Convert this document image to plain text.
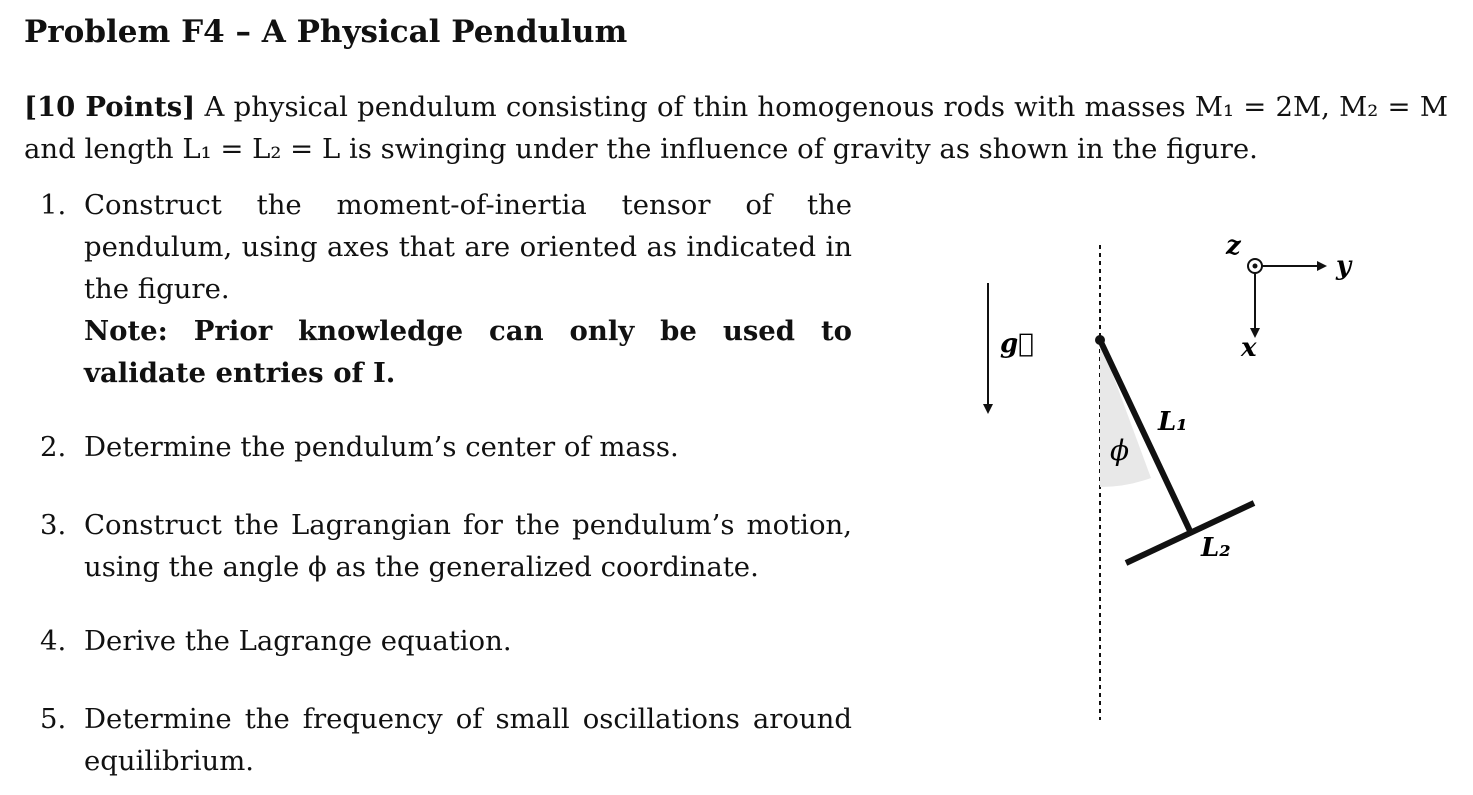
Problem F4 – A Physical Pendulum
[10 Points] A physical pendulum consisting of thin homogenous rods with masses M₁ = 2M, M₂ = M and length L₁ = L₂ = L is swinging under the influence of gravity as shown in the figure.
1. Construct the moment-of-inertia tensor of the pendulum, using axes that are oriented as indicated in the figure.
Note: Prior knowledge can only be used to validate entries of I.
2. Determine the pendulum’s center of mass.
3. Construct the Lagrangian for the pendulum’s motion, using the angle ϕ as the generalized coordinate.
4. Derive the Lagrange equation.
5. Determine the frequency of small oscillations around equilibrium.
g⃗
ϕ
L₁
L₂
z
y
x
